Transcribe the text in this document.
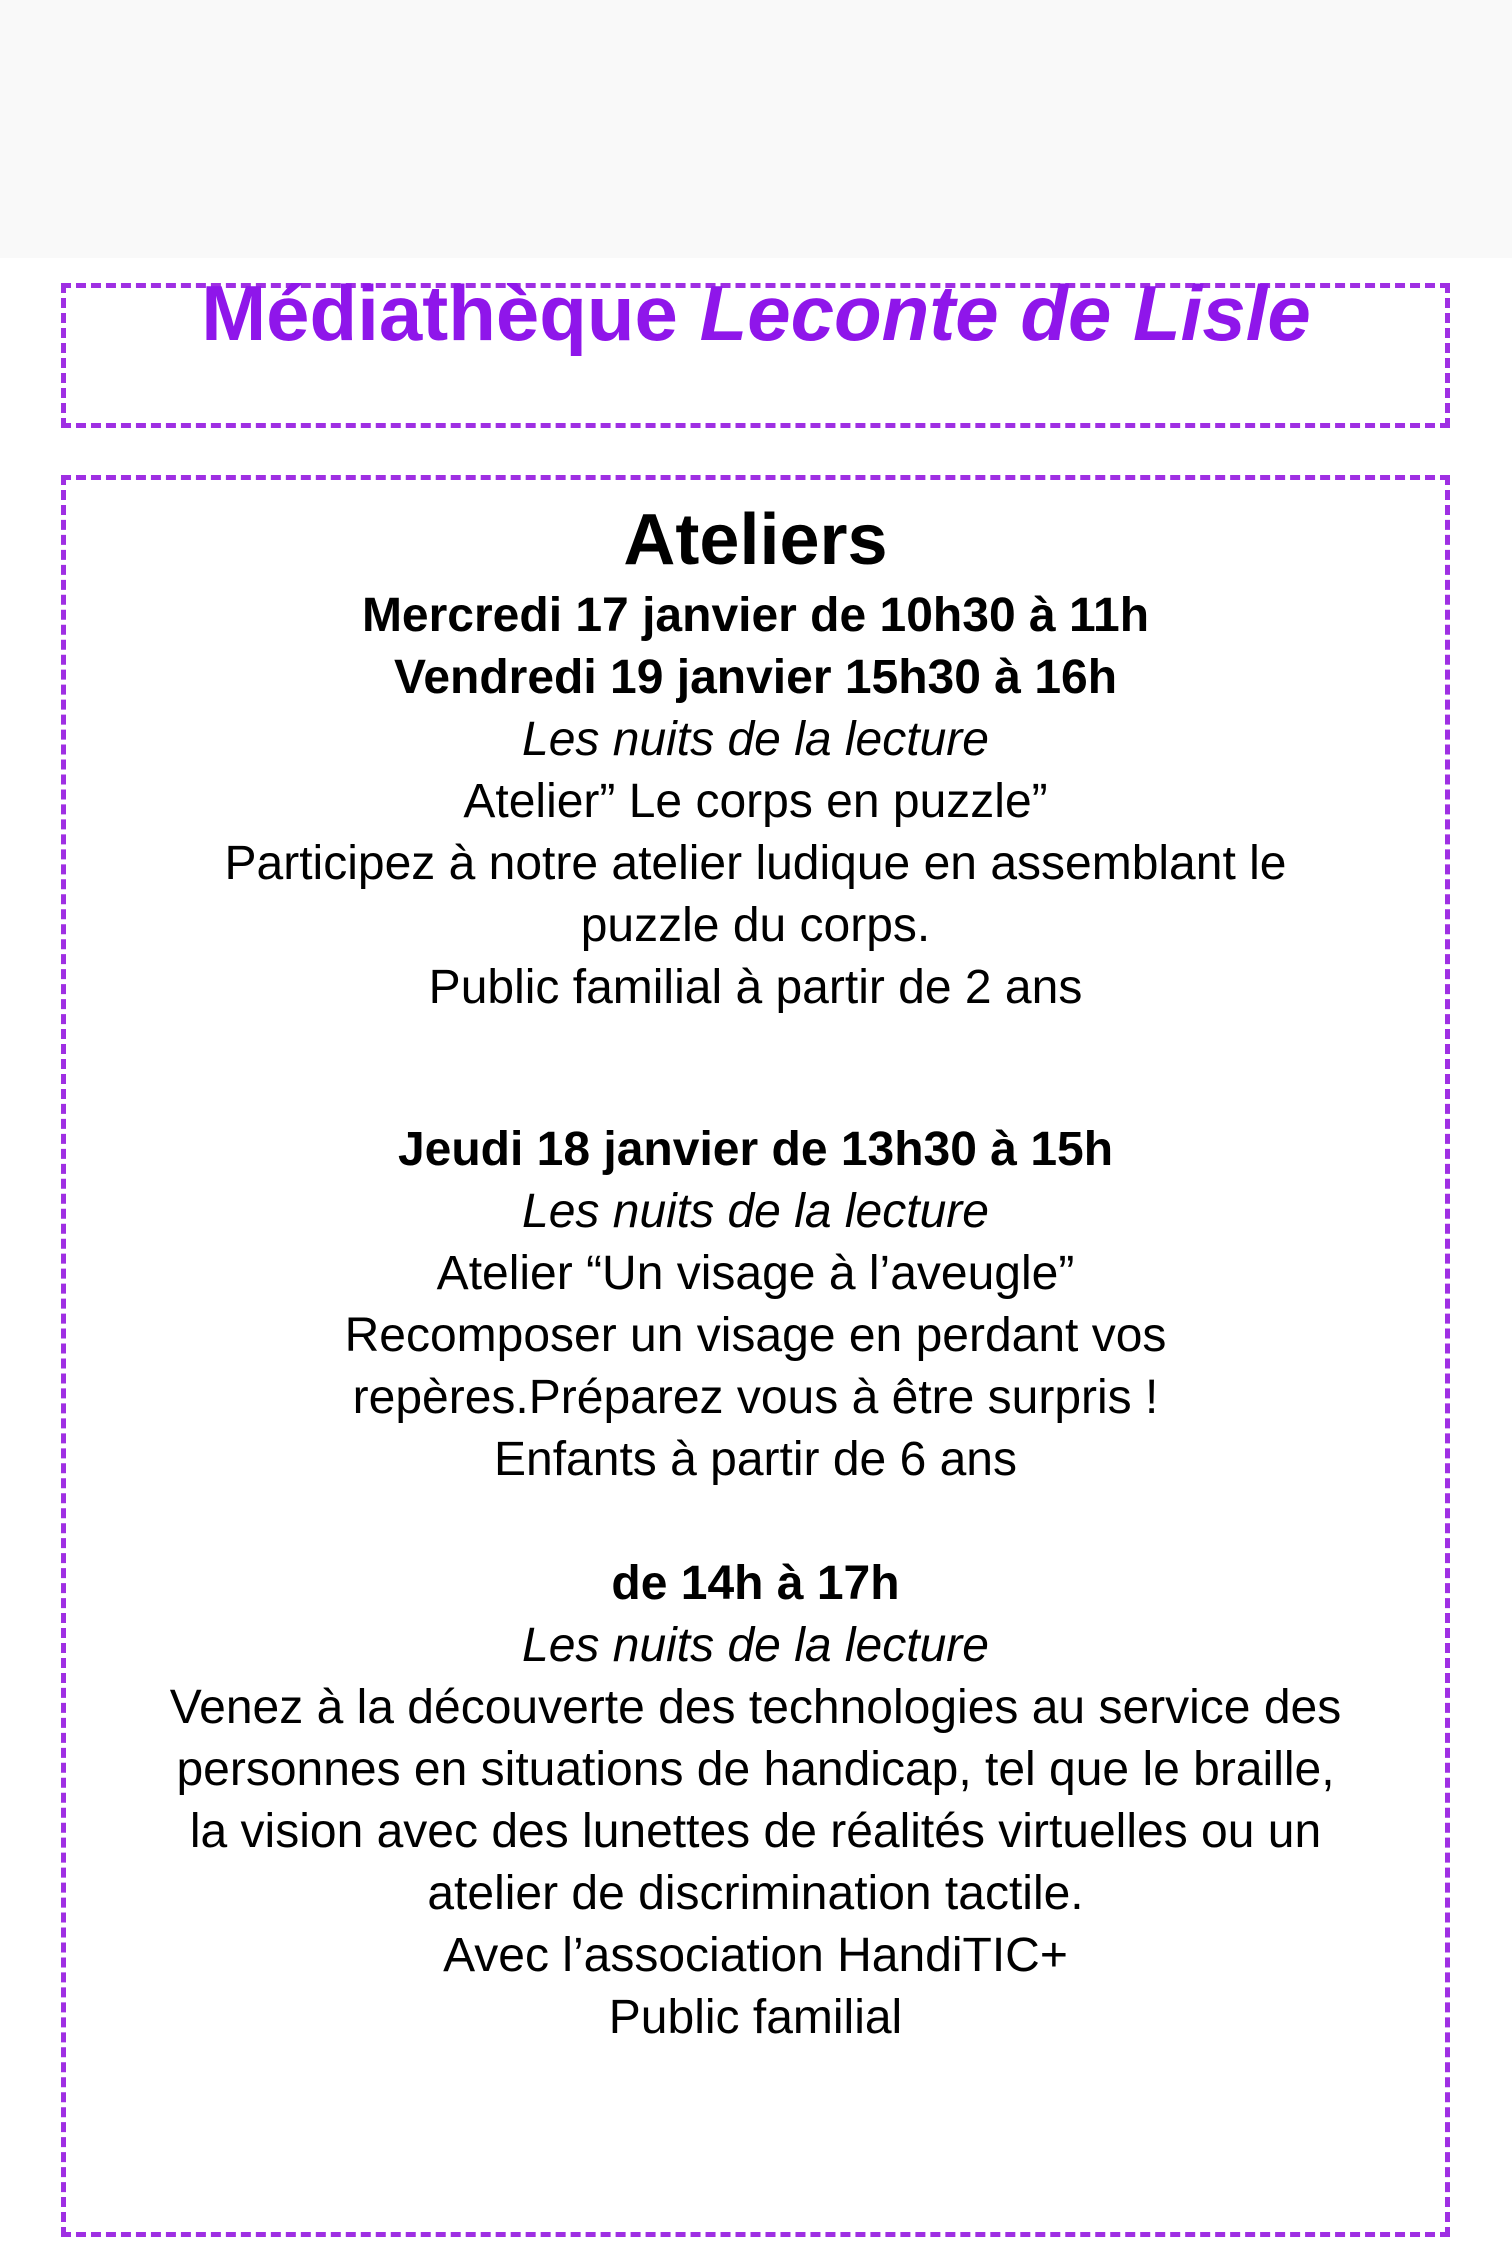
Médiathèque Leconte de Lisle

Ateliers

Mercredi 17 janvier de 10h30 à 11h

Vendredi 19 janvier 15h30 à 16h

Les nuits de la lecture

Atelier” Le corps en puzzle”

Participez à notre atelier ludique en assemblant le

puzzle du corps.

Public familial à partir de 2 ans

Jeudi 18 janvier de 13h30 à 15h

Les nuits de la lecture

Atelier “Un visage à l’aveugle”

Recomposer un visage en perdant vos

repères.Préparez vous à être surpris !

Enfants à partir de 6 ans

de 14h à 17h

Les nuits de la lecture

Venez à la découverte des technologies au service des

personnes en situations de handicap, tel que le braille,

la vision avec des lunettes de réalités virtuelles ou un

atelier de discrimination tactile.

Avec l’association HandiTIC+

Public familial
